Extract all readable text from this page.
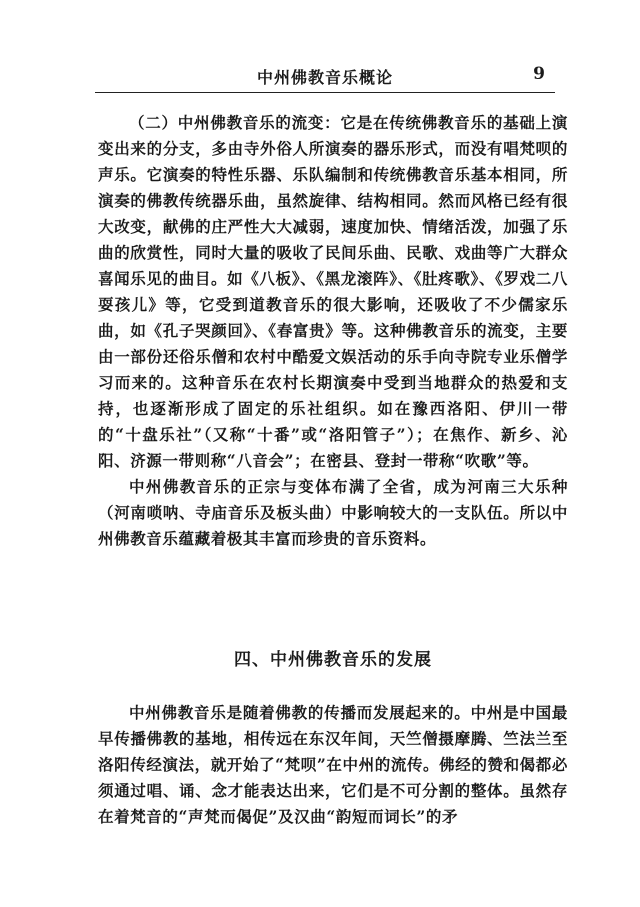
中州佛教音乐概论	9

（二）中州佛教音乐的流变：它是在传统佛教音乐的基础上演变出来的分支，多由寺外俗人所演奏的器乐形式，而没有唱梵呗的声乐。它演奏的特性乐器、乐队编制和传统佛教音乐基本相同，所演奏的佛教传统器乐曲，虽然旋律、结构相同。然而风格已经有很大改变，献佛的庄严性大大减弱，速度加快、情绪活泼，加强了乐曲的欣赏性，同时大量的吸收了民间乐曲、民歌、戏曲等广大群众喜闻乐见的曲目。如《八板》、《黑龙滚阵》、《肚疼歌》、《罗戏二八耍孩儿》等，它受到道教音乐的很大影响，还吸收了不少儒家乐曲，如《孔子哭颜回》、《春富贵》等。这种佛教音乐的流变，主要由一部份还俗乐僧和农村中酷爱文娱活动的乐手向寺院专业乐僧学习而来的。这种音乐在农村长期演奏中受到当地群众的热爱和支持，也逐渐形成了固定的乐社组织。如在豫西洛阳、伊川一带的“十盘乐社”（又称“十番”或“洛阳管子”）；在焦作、新乡、沁阳、济源一带则称“八音会”；在密县、登封一带称“吹歌”等。

中州佛教音乐的正宗与变体布满了全省，成为河南三大乐种（河南唢呐、寺庙音乐及板头曲）中影响较大的一支队伍。所以中州佛教音乐蕴藏着极其丰富而珍贵的音乐资料。

四、中州佛教音乐的发展

中州佛教音乐是随着佛教的传播而发展起来的。中州是中国最早传播佛教的基地，相传远在东汉年间，天竺僧摄摩腾、竺法兰至洛阳传经演法，就开始了“梵呗”在中州的流传。佛经的赞和偈都必须通过唱、诵、念才能表达出来，它们是不可分割的整体。虽然存在着梵音的“声梵而偈促”及汉曲“韵短而词长”的矛
